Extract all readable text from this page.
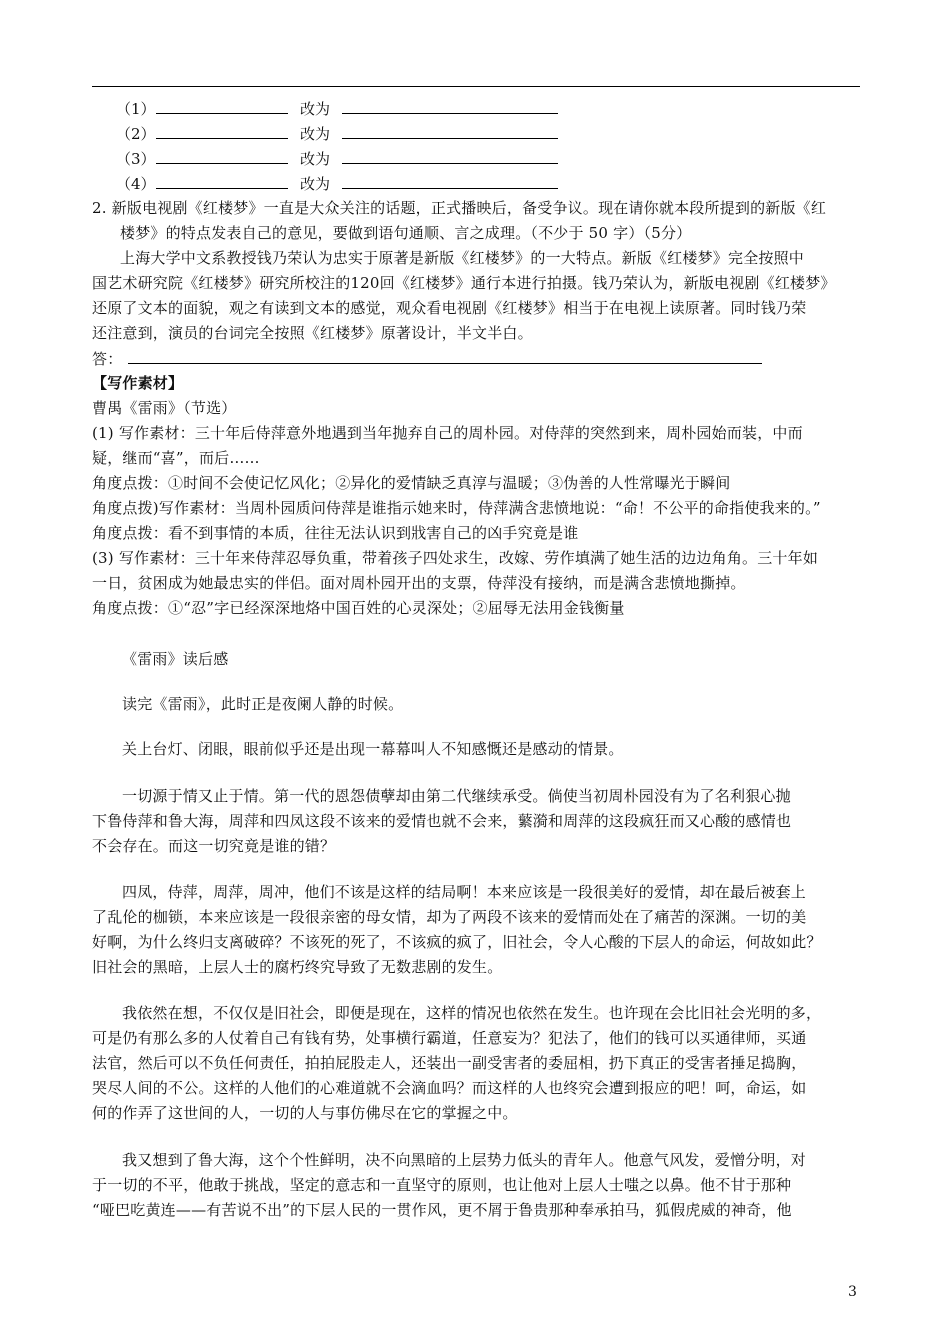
（1）	改为
（2）	改为
（3）	改为
（4）	改为
2. 新版电视剧《红楼梦》一直是大众关注的话题，正式播映后，备受争议。现在请你就本段所提到的新版《红
楼梦》的特点发表自己的意见，要做到语句通顺、言之成理。（不少于 50 字）（5分）
上海大学中文系教授钱乃荣认为忠实于原著是新版《红楼梦》的一大特点。新版《红楼梦》完全按照中
国艺术研究院《红楼梦》研究所校注的120回《红楼梦》通行本进行拍摄。钱乃荣认为，新版电视剧《红楼梦》
还原了文本的面貌，观之有读到文本的感觉，观众看电视剧《红楼梦》相当于在电视上读原著。同时钱乃荣
还注意到，演员的台词完全按照《红楼梦》原著设计，半文半白。
答：
【写作素材】
曹禺《雷雨》（节选）
(1) 写作素材：三十年后侍萍意外地遇到当年抛弃自己的周朴园。对侍萍的突然到来，周朴园始而装，中而
疑，继而“喜”，而后……
角度点拨：①时间不会使记忆风化；②异化的爱情缺乏真淳与温暖；③伪善的人性常曝光于瞬间
角度点拨)写作素材：当周朴园质问侍萍是谁指示她来时，侍萍满含悲愤地说：“命！不公平的命指使我来的。”
角度点拨：看不到事情的本质，往往无法认识到戕害自己的凶手究竟是谁
(3) 写作素材：三十年来侍萍忍辱负重，带着孩子四处求生，改嫁、劳作填满了她生活的边边角角。三十年如
一日，贫困成为她最忠实的伴侣。面对周朴园开出的支票，侍萍没有接纳，而是满含悲愤地撕掉。
角度点拨：①“忍”字已经深深地烙中国百姓的心灵深处；②屈辱无法用金钱衡量
《雷雨》读后感
读完《雷雨》，此时正是夜阑人静的时候。
关上台灯、闭眼，眼前似乎还是出现一幕幕叫人不知感慨还是感动的情景。
一切源于情又止于情。第一代的恩怨债孽却由第二代继续承受。倘使当初周朴园没有为了名利狠心抛
下鲁侍萍和鲁大海，周萍和四凤这段不该来的爱情也就不会来，蘩漪和周萍的这段疯狂而又心酸的感情也
不会存在。而这一切究竟是谁的错？
四凤，侍萍，周萍，周冲，他们不该是这样的结局啊！本来应该是一段很美好的爱情，却在最后被套上
了乱伦的枷锁，本来应该是一段很亲密的母女情，却为了两段不该来的爱情而处在了痛苦的深渊。一切的美
好啊，为什么终归支离破碎？不该死的死了，不该疯的疯了，旧社会，令人心酸的下层人的命运，何故如此？
旧社会的黑暗，上层人士的腐朽终究导致了无数悲剧的发生。
我依然在想，不仅仅是旧社会，即便是现在，这样的情况也依然在发生。也许现在会比旧社会光明的多，
可是仍有那么多的人仗着自己有钱有势，处事横行霸道，任意妄为？犯法了，他们的钱可以买通律师，买通
法官，然后可以不负任何责任，拍拍屁股走人，还装出一副受害者的委屈相，扔下真正的受害者捶足捣胸，
哭尽人间的不公。这样的人他们的心难道就不会滴血吗？而这样的人也终究会遭到报应的吧！呵，命运，如
何的作弄了这世间的人，一切的人与事仿佛尽在它的掌握之中。
我又想到了鲁大海，这个个性鲜明，决不向黑暗的上层势力低头的青年人。他意气风发，爱憎分明，对
于一切的不平，他敢于挑战，坚定的意志和一直坚守的原则，也让他对上层人士嗤之以鼻。他不甘于那种
“哑巴吃黄连——有苦说不出”的下层人民的一贯作风，更不屑于鲁贵那种奉承拍马，狐假虎威的神奇，他
3
